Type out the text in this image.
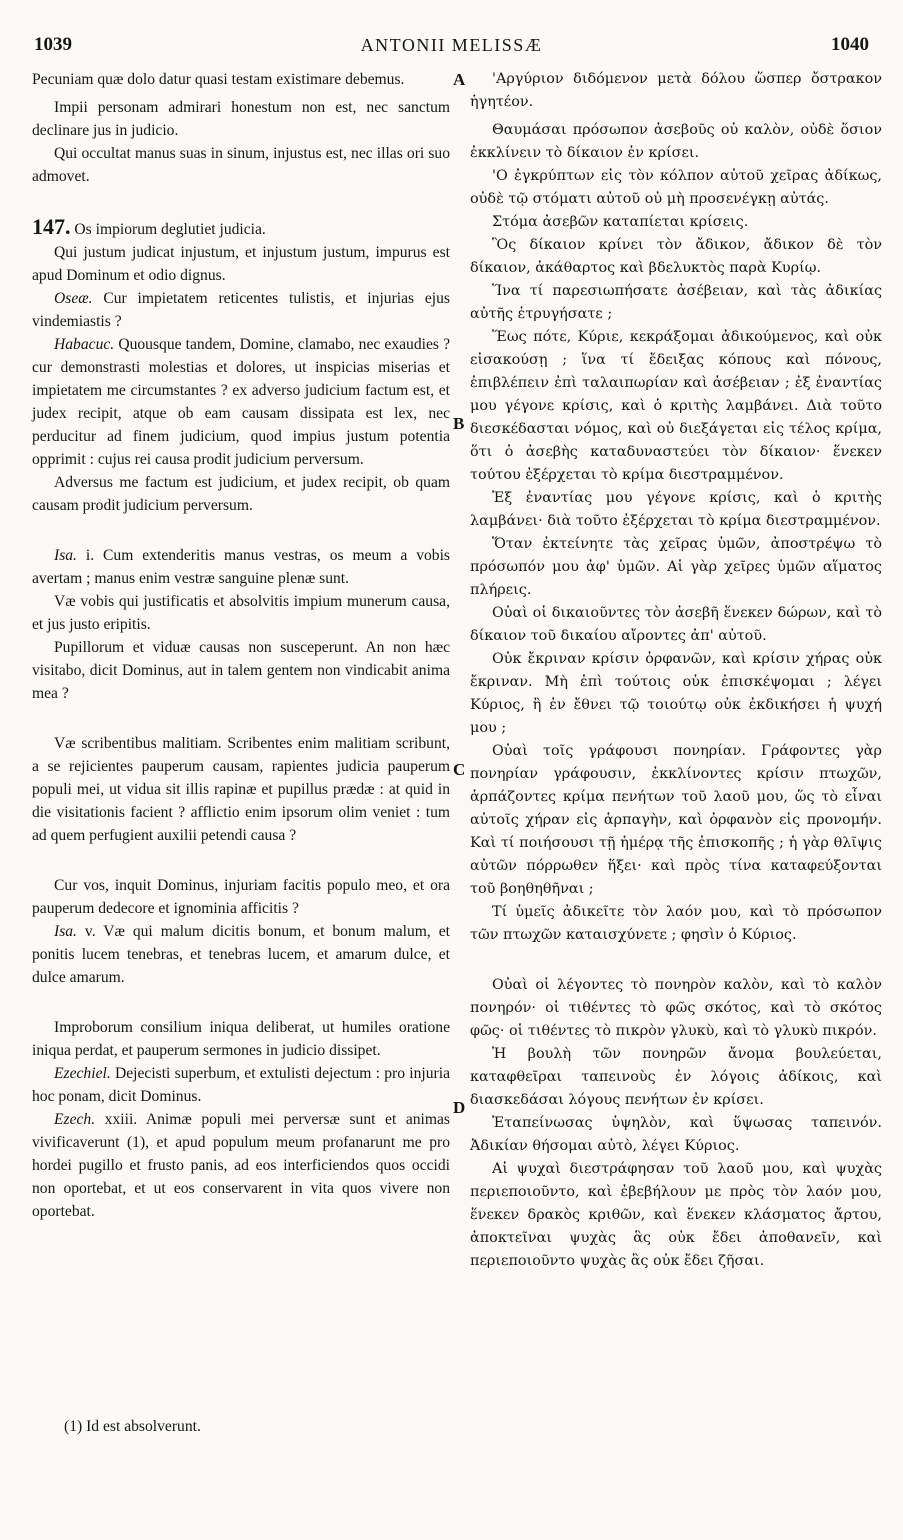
1039	ANTONII MELISSÆ	1040
A
B
C
D

Pecuniam quæ dolo datur quasi testam existimare debemus.

Impii personam admirari honestum non est, nec sanctum declinare jus in judicio.

Qui occultat manus suas in sinum, injustus est, nec illas ori suo admovet.

147. Os impiorum deglutiet judicia.

Qui justum judicat injustum, et injustum justum, impurus est apud Dominum et odio dignus.

Oseæ. Cur impietatem reticentes tulistis, et injurias ejus vindemiastis ?

Habacuc. Quousque tandem, Domine, clamabo, nec exaudies ? cur demonstrasti molestias et dolores, ut inspicias miserias et impietatem me circumstantes ? ex adverso judicium factum est, et judex recipit, atque ob eam causam dissipata est lex, nec perducitur ad finem judicium, quod impius justum potentia opprimit : cujus rei causa prodit judicium perversum.

Adversus me factum est judicium, et judex recipit, ob quam causam prodit judicium perversum.

Isa. i. Cum extenderitis manus vestras, os meum a vobis avertam ; manus enim vestræ sanguine plenæ sunt.

Væ vobis qui justificatis et absolvitis impium munerum causa, et jus justo eripitis.

Pupillorum et viduæ causas non susceperunt. An non hæc visitabo, dicit Dominus, aut in talem gentem non vindicabit anima mea ?

Væ scribentibus malitiam. Scribentes enim malitiam scribunt, a se rejicientes pauperum causam, rapientes judicia pauperum populi mei, ut vidua sit illis rapinæ et pupillus prædæ : at quid in die visitationis facient ? afflictio enim ipsorum olim veniet : tum ad quem perfugient auxilii petendi causa ?

Cur vos, inquit Dominus, injuriam facitis populo meo, et ora pauperum dedecore et ignominia afficitis ?

Isa. v. Væ qui malum dicitis bonum, et bonum malum, et ponitis lucem tenebras, et tenebras lucem, et amarum dulce, et dulce amarum.

Improborum consilium iniqua deliberat, ut humiles oratione iniqua perdat, et pauperum sermones in judicio dissipet.

Ezechiel. Dejecisti superbum, et extulisti dejectum : pro injuria hoc ponam, dicit Dominus.

Ezech. xxiii. Animæ populi mei perversæ sunt et animas vivificaverunt (1), et apud populum meum profanarunt me pro hordei pugillo et frusto panis, ad eos interficiendos quos occidi non oportebat, et ut eos conservarent in vita quos vivere non oportebat.

'Αργύριον διδόμενον μετὰ δόλου ὥσπερ ὄστρακον ἡγητέον.

Θαυμάσαι πρόσωπον ἀσεβοῦς οὐ καλὸν, οὐδὲ ὅσιον ἐκκλίνειν τὸ δίκαιον ἐν κρίσει.

'Ο ἐγκρύπτων εἰς τὸν κόλπον αὐτοῦ χεῖρας ἀδίκως, οὐδὲ τῷ στόματι αὐτοῦ οὐ μὴ προσενέγκῃ αὐτάς.

Στόμα ἀσεβῶν καταπίεται κρίσεις.

Ὃς δίκαιον κρίνει τὸν ἄδικον, ἄδικον δὲ τὸν δίκαιον, ἀκάθαρτος καὶ βδελυκτὸς παρὰ Κυρίῳ.

Ἵνα τί παρεσιωπήσατε ἀσέβειαν, καὶ τὰς ἀδικίας αὐτῆς ἐτρυγήσατε ;

Ἕως πότε, Κύριε, κεκράξομαι ἀδικούμενος, καὶ οὐκ εἰσακούσῃ ; ἵνα τί ἔδειξας κόπους καὶ πόνους, ἐπιβλέπειν ἐπὶ ταλαιπωρίαν καὶ ἀσέβειαν ; ἐξ ἐναντίας μου γέγονε κρίσις, καὶ ὁ κριτὴς λαμβάνει. Διὰ τοῦτο διεσκέδασται νόμος, καὶ οὐ διεξάγεται εἰς τέλος κρίμα, ὅτι ὁ ἀσεβὴς καταδυναστεύει τὸν δίκαιον· ἕνεκεν τούτου ἐξέρχεται τὸ κρίμα διεστραμμένον.

Ἐξ ἐναντίας μου γέγονε κρίσις, καὶ ὁ κριτὴς λαμβάνει· διὰ τοῦτο ἐξέρχεται τὸ κρίμα διεστραμμένον.

Ὅταν ἐκτείνητε τὰς χεῖρας ὑμῶν, ἀποστρέψω τὸ πρόσωπόν μου ἀφ' ὑμῶν. Αἱ γὰρ χεῖρες ὑμῶν αἵματος πλήρεις.

Οὐαὶ οἱ δικαιοῦντες τὸν ἀσεβῆ ἕνεκεν δώρων, καὶ τὸ δίκαιον τοῦ δικαίου αἴροντες ἀπ' αὐτοῦ.

Οὐκ ἔκριναν κρίσιν ὀρφανῶν, καὶ κρίσιν χήρας οὐκ ἔκριναν. Μὴ ἐπὶ τούτοις οὐκ ἐπισκέψομαι ; λέγει Κύριος, ἢ ἐν ἔθνει τῷ τοιούτῳ οὐκ ἐκδικήσει ἡ ψυχή μου ;

Οὐαὶ τοῖς γράφουσι πονηρίαν. Γράφοντες γὰρ πονηρίαν γράφουσιν, ἐκκλίνοντες κρίσιν πτωχῶν, ἁρπάζοντες κρίμα πενήτων τοῦ λαοῦ μου, ὥς τὸ εἶναι αὐτοῖς χήραν εἰς ἁρπαγὴν, καὶ ὀρφανὸν εἰς προνομήν. Καὶ τί ποιήσουσι τῇ ἡμέρᾳ τῆς ἐπισκοπῆς ; ἡ γὰρ θλῖψις αὐτῶν πόρρωθεν ἥξει· καὶ πρὸς τίνα καταφεύξονται τοῦ βοηθηθῆναι ;

Τί ὑμεῖς ἀδικεῖτε τὸν λαόν μου, καὶ τὸ πρόσωπον τῶν πτωχῶν καταισχύνετε ; φησὶν ὁ Κύριος.

Οὐαὶ οἱ λέγοντες τὸ πονηρὸν καλὸν, καὶ τὸ καλὸν πονηρόν· οἱ τιθέντες τὸ φῶς σκότος, καὶ τὸ σκότος φῶς· οἱ τιθέντες τὸ πικρὸν γλυκὺ, καὶ τὸ γλυκὺ πικρόν.

Ἡ βουλὴ τῶν πονηρῶν ἄνομα βουλεύεται, καταφθεῖραι ταπεινοὺς ἐν λόγοις ἀδίκοις, καὶ διασκεδάσαι λόγους πενήτων ἐν κρίσει.

Ἐταπείνωσας ὑψηλὸν, καὶ ὕψωσας ταπεινόν. Ἀδικίαν θήσομαι αὐτὸ, λέγει Κύριος.

Αἱ ψυχαὶ διεστράφησαν τοῦ λαοῦ μου, καὶ ψυχὰς περιεποιοῦντο, καὶ ἐβεβήλουν με πρὸς τὸν λαόν μου, ἕνεκεν δρακὸς κριθῶν, καὶ ἕνεκεν κλάσματος ἄρτου, ἀποκτεῖναι ψυχὰς ἃς οὐκ ἔδει ἀποθανεῖν, καὶ περιεποιοῦντο ψυχὰς ἃς οὐκ ἔδει ζῆσαι.

(1) Id est absolverunt.
